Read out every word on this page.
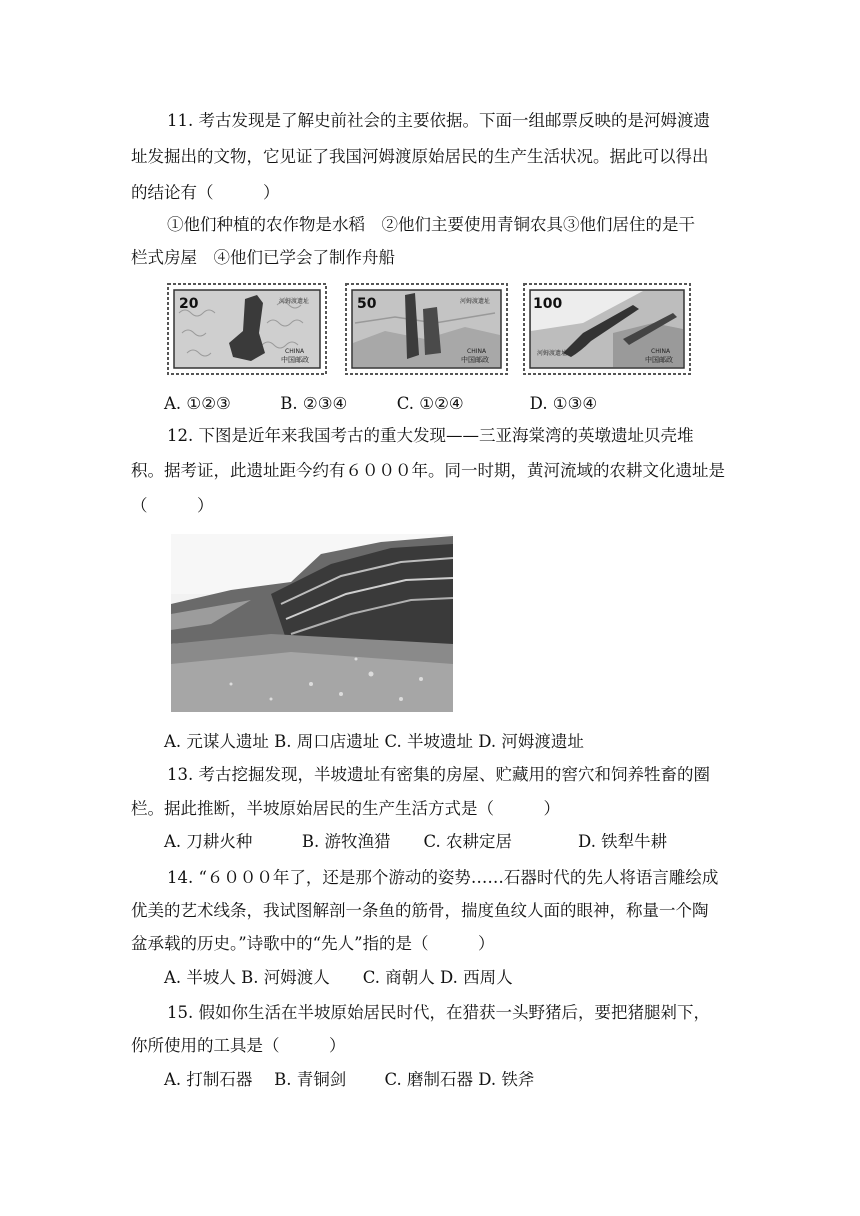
11. 考古发现是了解史前社会的主要依据。下面一组邮票反映的是河姆渡遗
址发掘出的文物，它见证了我国河姆渡原始居民的生产生活状况。据此可以得出
的结论有（　　　）
①他们种植的农作物是水稻　②他们主要使用青铜农具③他们居住的是干
栏式房屋　④他们已学会了制作舟船
20	河姆渡遗址
CHINA
中国邮政
50	河姆渡遗址
CHINA
中国邮政
100
河姆渡遗址	CHINA
中国邮政
A. ①②③　　　B. ②③④　　　C. ①②④　　　　D. ①③④
12. 下图是近年来我国考古的重大发现——三亚海棠湾的英墩遗址贝壳堆
积。据考证，此遗址距今约有６０００年。同一时期，黄河流域的农耕文化遗址是
（　　　）
A. 元谋人遗址 B. 周口店遗址 C. 半坡遗址 D. 河姆渡遗址
13. 考古挖掘发现，半坡遗址有密集的房屋、贮藏用的窖穴和饲养牲畜的圈
栏。据此推断，半坡原始居民的生产生活方式是（　　　）
A. 刀耕火种　　　B. 游牧渔猎　　C. 农耕定居　　　　D. 铁犁牛耕
14. “６０００年了，还是那个游动的姿势……石器时代的先人将语言雕绘成
优美的艺术线条，我试图解剖一条鱼的筋骨，揣度鱼纹人面的眼神，称量一个陶
盆承载的历史。”诗歌中的“先人”指的是（　　　）
A. 半坡人 B. 河姆渡人　　C. 商朝人 D. 西周人
15. 假如你生活在半坡原始居民时代，在猎获一头野猪后，要把猪腿剁下，
你所使用的工具是（　　　）
A. 打制石器　 B. 青铜剑　　 C. 磨制石器 D. 铁斧
